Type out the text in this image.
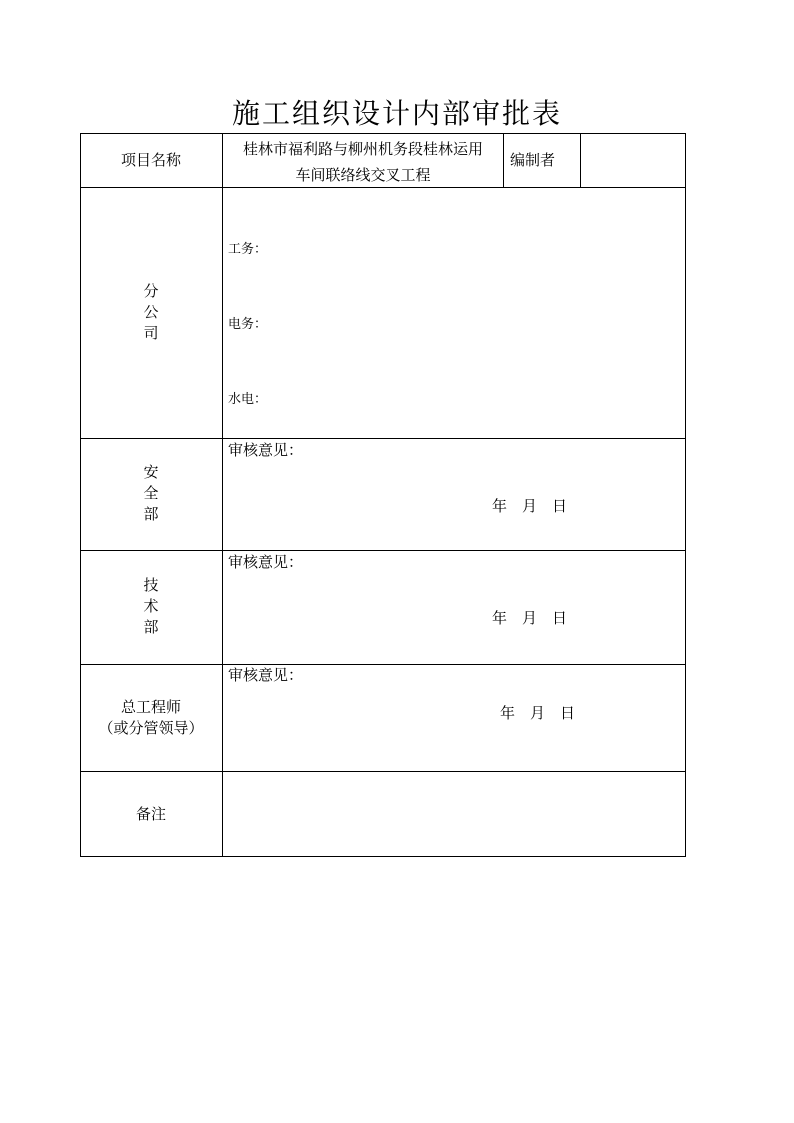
施工组织设计内部审批表
项目名称
桂林市福利路与柳州机务段桂林运用
车间联络线交叉工程
编制者
分
公
司
工务：
电务：
水电：
安
全
部
审核意见：
年　月　日
技
术
部
审核意见：
年　月　日
总工程师
（或分管领导）
审核意见：
年　月　日
备注
